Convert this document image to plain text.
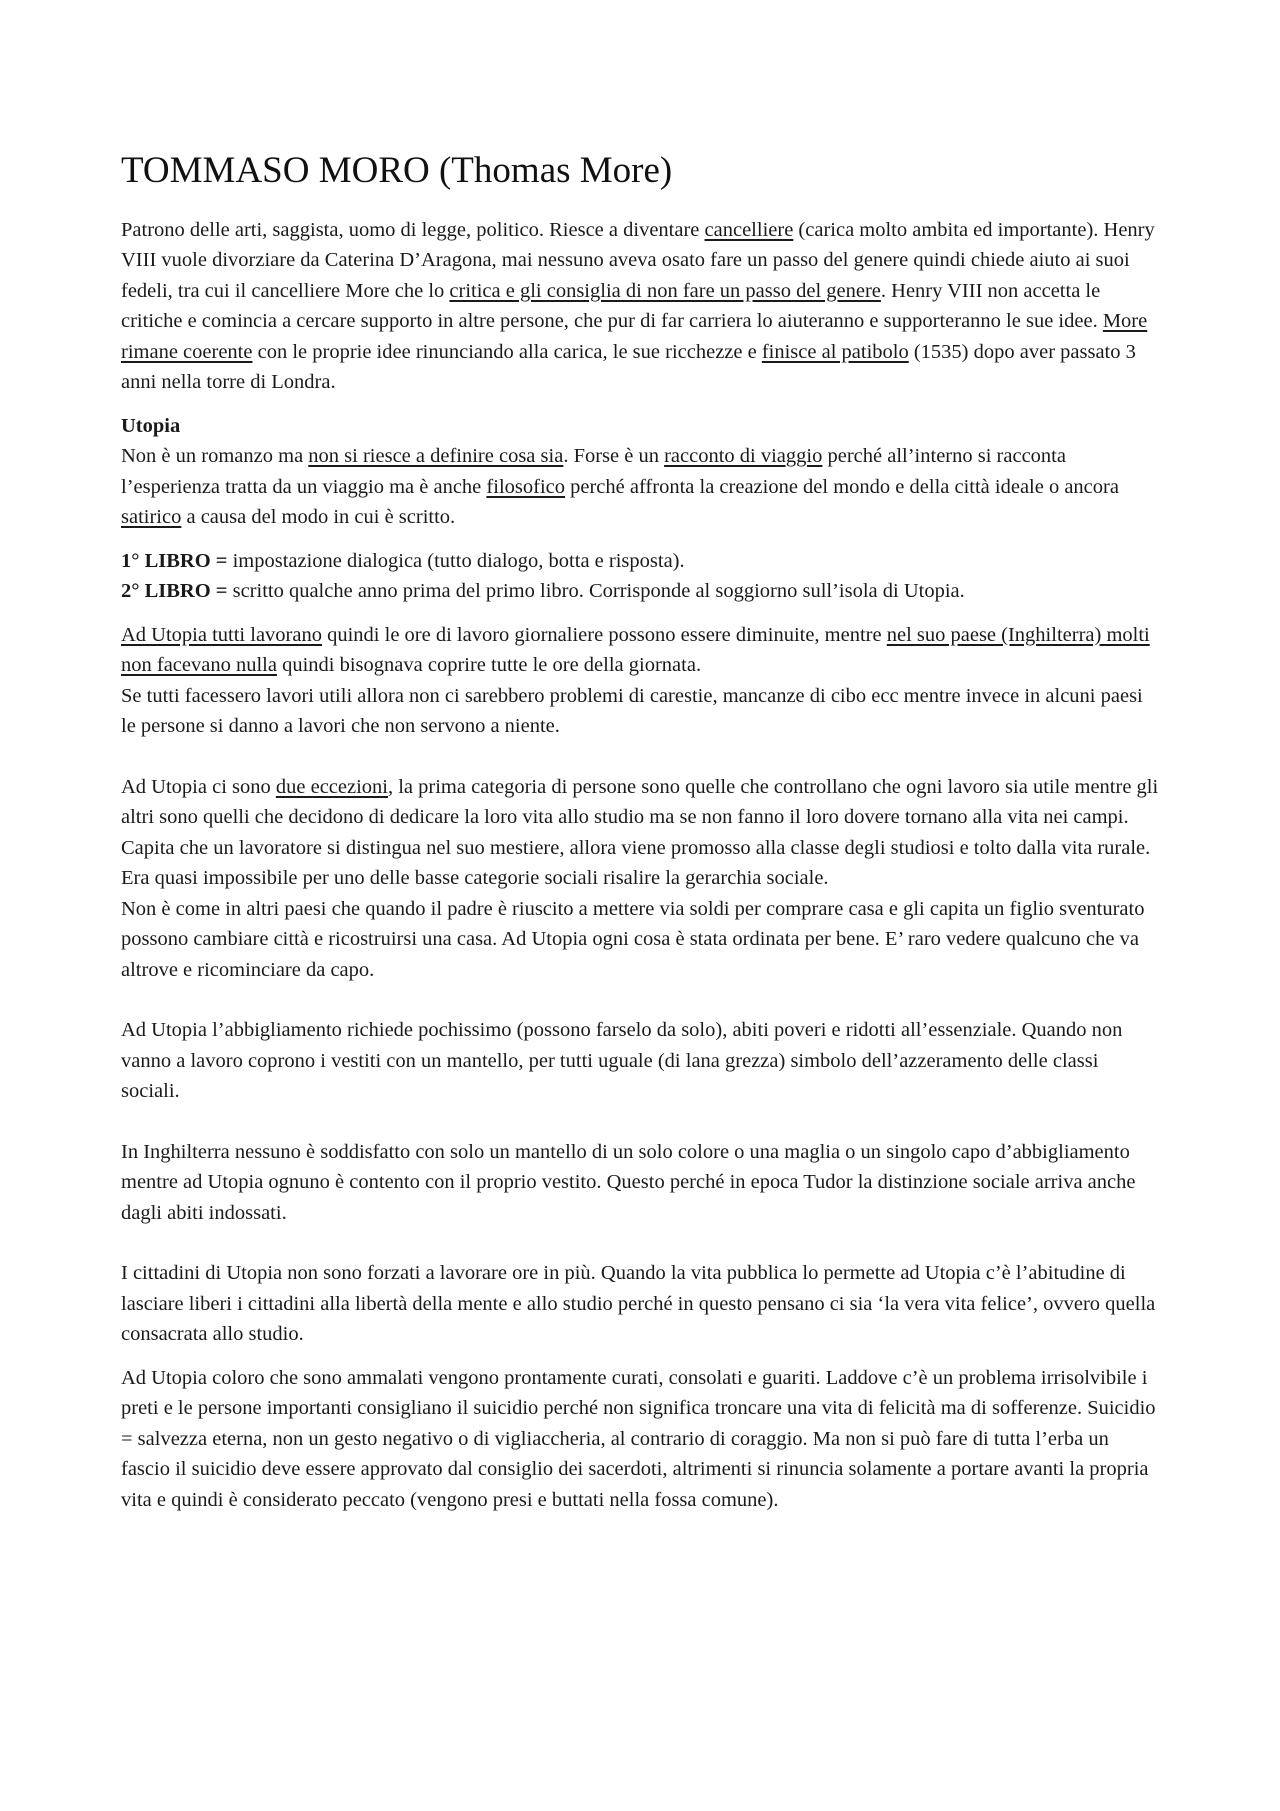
TOMMASO MORO (Thomas More)

Patrono delle arti, saggista, uomo di legge, politico. Riesce a diventare cancelliere (carica molto ambita ed importante). Henry VIII vuole divorziare da Caterina D’Aragona, mai nessuno aveva osato fare un passo del genere quindi chiede aiuto ai suoi fedeli, tra cui il cancelliere More che lo critica e gli consiglia di non fare un passo del genere. Henry VIII non accetta le critiche e comincia a cercare supporto in altre persone, che pur di far carriera lo aiuteranno e supporteranno le sue idee. More rimane coerente con le proprie idee rinunciando alla carica, le sue ricchezze e finisce al patibolo (1535) dopo aver passato 3 anni nella torre di Londra.

Utopia

Non è un romanzo ma non si riesce a definire cosa sia. Forse è un racconto di viaggio perché all’interno si racconta l’esperienza tratta da un viaggio ma è anche filosofico perché affronta la creazione del mondo e della città ideale o ancora satirico a causa del modo in cui è scritto.

1° LIBRO = impostazione dialogica (tutto dialogo, botta e risposta).

2° LIBRO = scritto qualche anno prima del primo libro. Corrisponde al soggiorno sull’isola di Utopia.

Ad Utopia tutti lavorano quindi le ore di lavoro giornaliere possono essere diminuite, mentre nel suo paese (Inghilterra) molti non facevano nulla quindi bisognava coprire tutte le ore della giornata.

Se tutti facessero lavori utili allora non ci sarebbero problemi di carestie, mancanze di cibo ecc mentre invece in alcuni paesi le persone si danno a lavori che non servono a niente.

Ad Utopia ci sono due eccezioni, la prima categoria di persone sono quelle che controllano che ogni lavoro sia utile mentre gli altri sono quelli che decidono di dedicare la loro vita allo studio ma se non fanno il loro dovere tornano alla vita nei campi.

Capita che un lavoratore si distingua nel suo mestiere, allora viene promosso alla classe degli studiosi e tolto dalla vita rurale. Era quasi impossibile per uno delle basse categorie sociali risalire la gerarchia sociale.

Non è come in altri paesi che quando il padre è riuscito a mettere via soldi per comprare casa e gli capita un figlio sventurato possono cambiare città e ricostruirsi una casa. Ad Utopia ogni cosa è stata ordinata per bene. E’ raro vedere qualcuno che va altrove e ricominciare da capo.

Ad Utopia l’abbigliamento richiede pochissimo (possono farselo da solo), abiti poveri e ridotti all’essenziale. Quando non vanno a lavoro coprono i vestiti con un mantello, per tutti uguale (di lana grezza) simbolo dell’azzeramento delle classi sociali.

In Inghilterra nessuno è soddisfatto con solo un mantello di un solo colore o una maglia o un singolo capo d’abbigliamento mentre ad Utopia ognuno è contento con il proprio vestito. Questo perché in epoca Tudor la distinzione sociale arriva anche dagli abiti indossati.

I cittadini di Utopia non sono forzati a lavorare ore in più. Quando la vita pubblica lo permette ad Utopia c’è l’abitudine di lasciare liberi i cittadini alla libertà della mente e allo studio perché in questo pensano ci sia ‘la vera vita felice’, ovvero quella consacrata allo studio.

Ad Utopia coloro che sono ammalati vengono prontamente curati, consolati e guariti. Laddove c’è un problema irrisolvibile i preti e le persone importanti consigliano il suicidio perché non significa troncare una vita di felicità ma di sofferenze. Suicidio = salvezza eterna, non un gesto negativo o di vigliaccheria, al contrario di coraggio. Ma non si può fare di tutta l’erba un fascio il suicidio deve essere approvato dal consiglio dei sacerdoti, altrimenti si rinuncia solamente a portare avanti la propria vita e quindi è considerato peccato (vengono presi e buttati nella fossa comune).
